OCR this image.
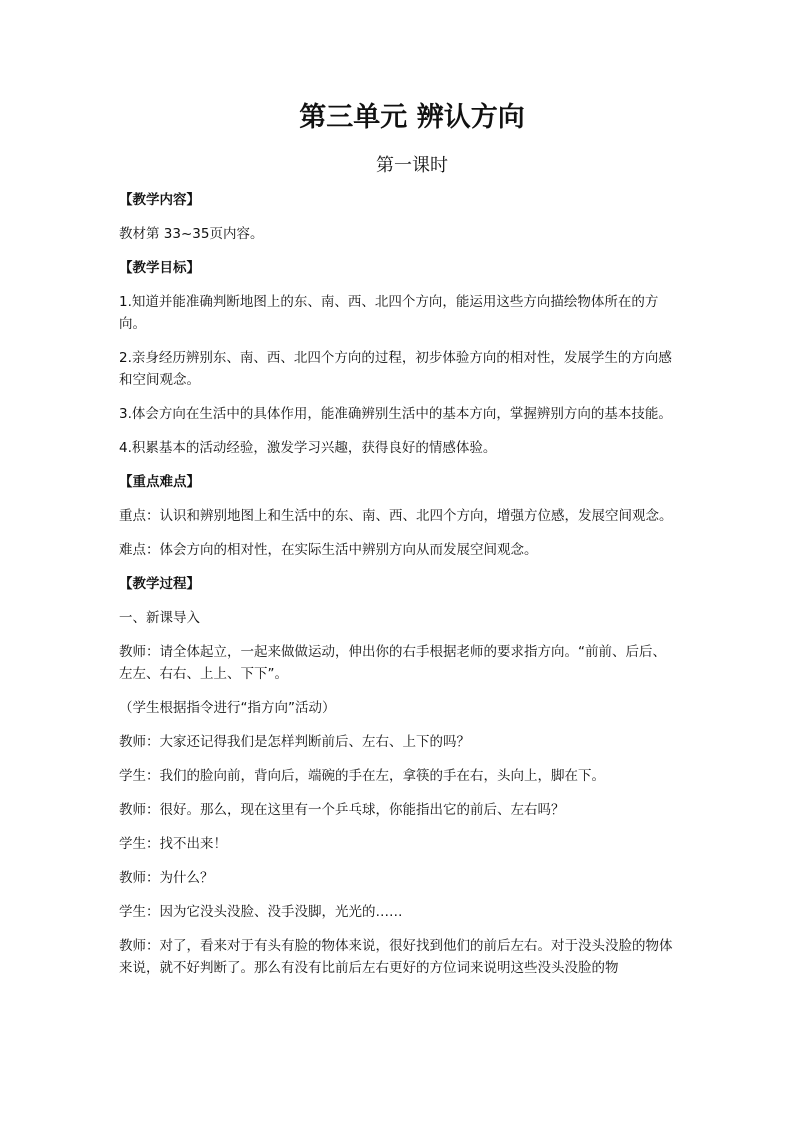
第三单元 辨认方向
第一课时

【教学内容】

教材第 33~35页内容。

【教学目标】

1.知道并能准确判断地图上的东、南、西、北四个方向，能运用这些方向描绘物体所在的方向。

2.亲身经历辨别东、南、西、北四个方向的过程，初步体验方向的相对性，发展学生的方向感和空间观念。

3.体会方向在生活中的具体作用，能准确辨别生活中的基本方向，掌握辨别方向的基本技能。

4.积累基本的活动经验，激发学习兴趣，获得良好的情感体验。

【重点难点】

重点：认识和辨别地图上和生活中的东、南、西、北四个方向，增强方位感，发展空间观念。

难点：体会方向的相对性，在实际生活中辨别方向从而发展空间观念。

【教学过程】

一、新课导入

教师：请全体起立，一起来做做运动，伸出你的右手根据老师的要求指方向。“前前、后后、左左、右右、上上、下下”。

（学生根据指令进行“指方向”活动）

教师：大家还记得我们是怎样判断前后、左右、上下的吗？

学生：我们的脸向前，背向后，端碗的手在左，拿筷的手在右，头向上，脚在下。

教师：很好。那么，现在这里有一个乒乓球，你能指出它的前后、左右吗？

学生：找不出来！

教师：为什么？

学生：因为它没头没脸、没手没脚，光光的……

教师：对了，看来对于有头有脸的物体来说，很好找到他们的前后左右。对于没头没脸的物体来说，就不好判断了。那么有没有比前后左右更好的方位词来说明这些没头没脸的物
